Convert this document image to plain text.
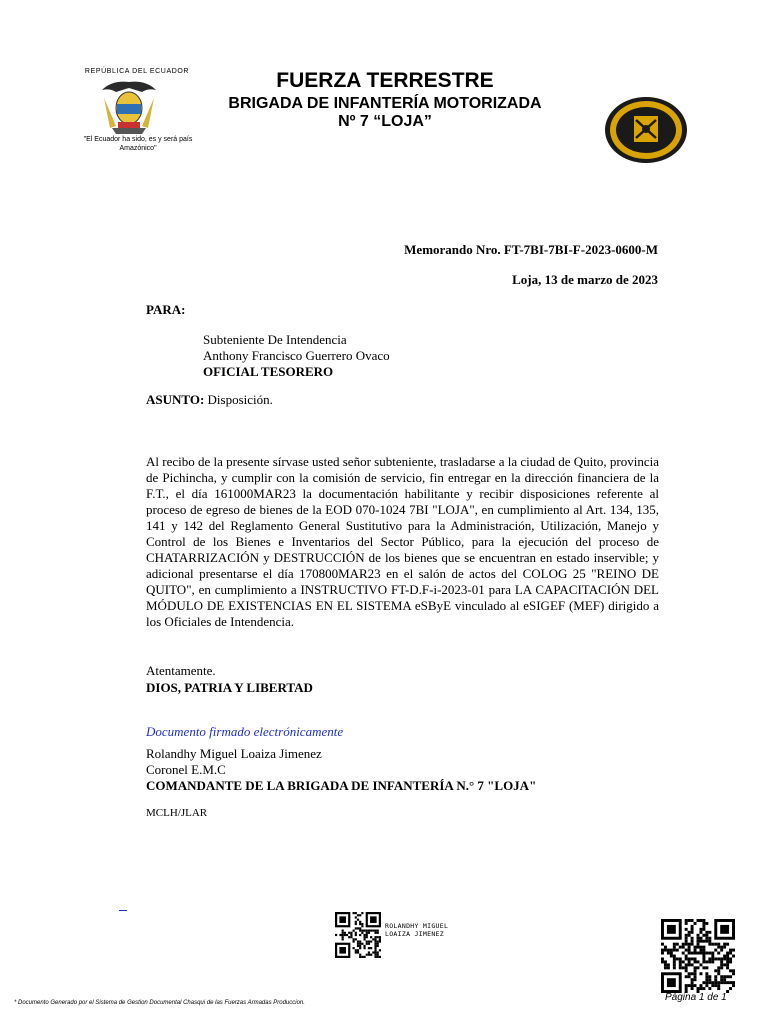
REPÚBLICA DEL ECUADOR
"El Ecuador ha sido, es y será país Amazónico"
FUERZA TERRESTRE
BRIGADA DE INFANTERÍA MOTORIZADA
Nº 7 “LOJA”
Memorando Nro. FT-7BI-7BI-F-2023-0600-M
Loja, 13 de marzo de 2023
PARA:
Subteniente De Intendencia
Anthony Francisco Guerrero Ovaco
OFICIAL TESORERO
ASUNTO: Disposición.
Al recibo de la presente sírvase usted señor subteniente, trasladarse a la ciudad de Quito, provincia de Pichincha, y cumplir con la comisión de servicio, fin entregar en la dirección financiera de la F.T., el día 161000MAR23 la documentación habilitante y recibir disposiciones referente al proceso de egreso de bienes de la EOD 070-1024 7BI "LOJA", en cumplimiento al Art. 134, 135, 141 y 142 del Reglamento General Sustitutivo para la Administración, Utilización, Manejo y Control de los Bienes e Inventarios del Sector Público, para la ejecución del proceso de CHATARRIZACIÓN y DESTRUCCIÓN de los bienes que se encuentran en estado inservible; y adicional presentarse el día 170800MAR23 en el salón de actos del COLOG 25 "REINO DE QUITO", en cumplimiento a INSTRUCTIVO FT-D.F-i-2023-01 para LA CAPACITACIÓN DEL MÓDULO DE EXISTENCIAS EN EL SISTEMA eSByE vinculado al eSIGEF (MEF) dirigido a los Oficiales de Intendencia.
Atentamente.
DIOS, PATRIA Y LIBERTAD
Documento firmado electrónicamente
Rolandhy Miguel Loaiza Jimenez
Coronel E.M.C
COMANDANTE DE LA BRIGADA DE INFANTERÍA N.° 7 "LOJA"
MCLH/JLAR
ROLANDHY MIGUEL
LOAIZA JIMENEZ
Página 1 de 1
* Documento Generado por el Sistema de Gestion Documental Chasqui de las Fuerzas Armadas Produccion.
